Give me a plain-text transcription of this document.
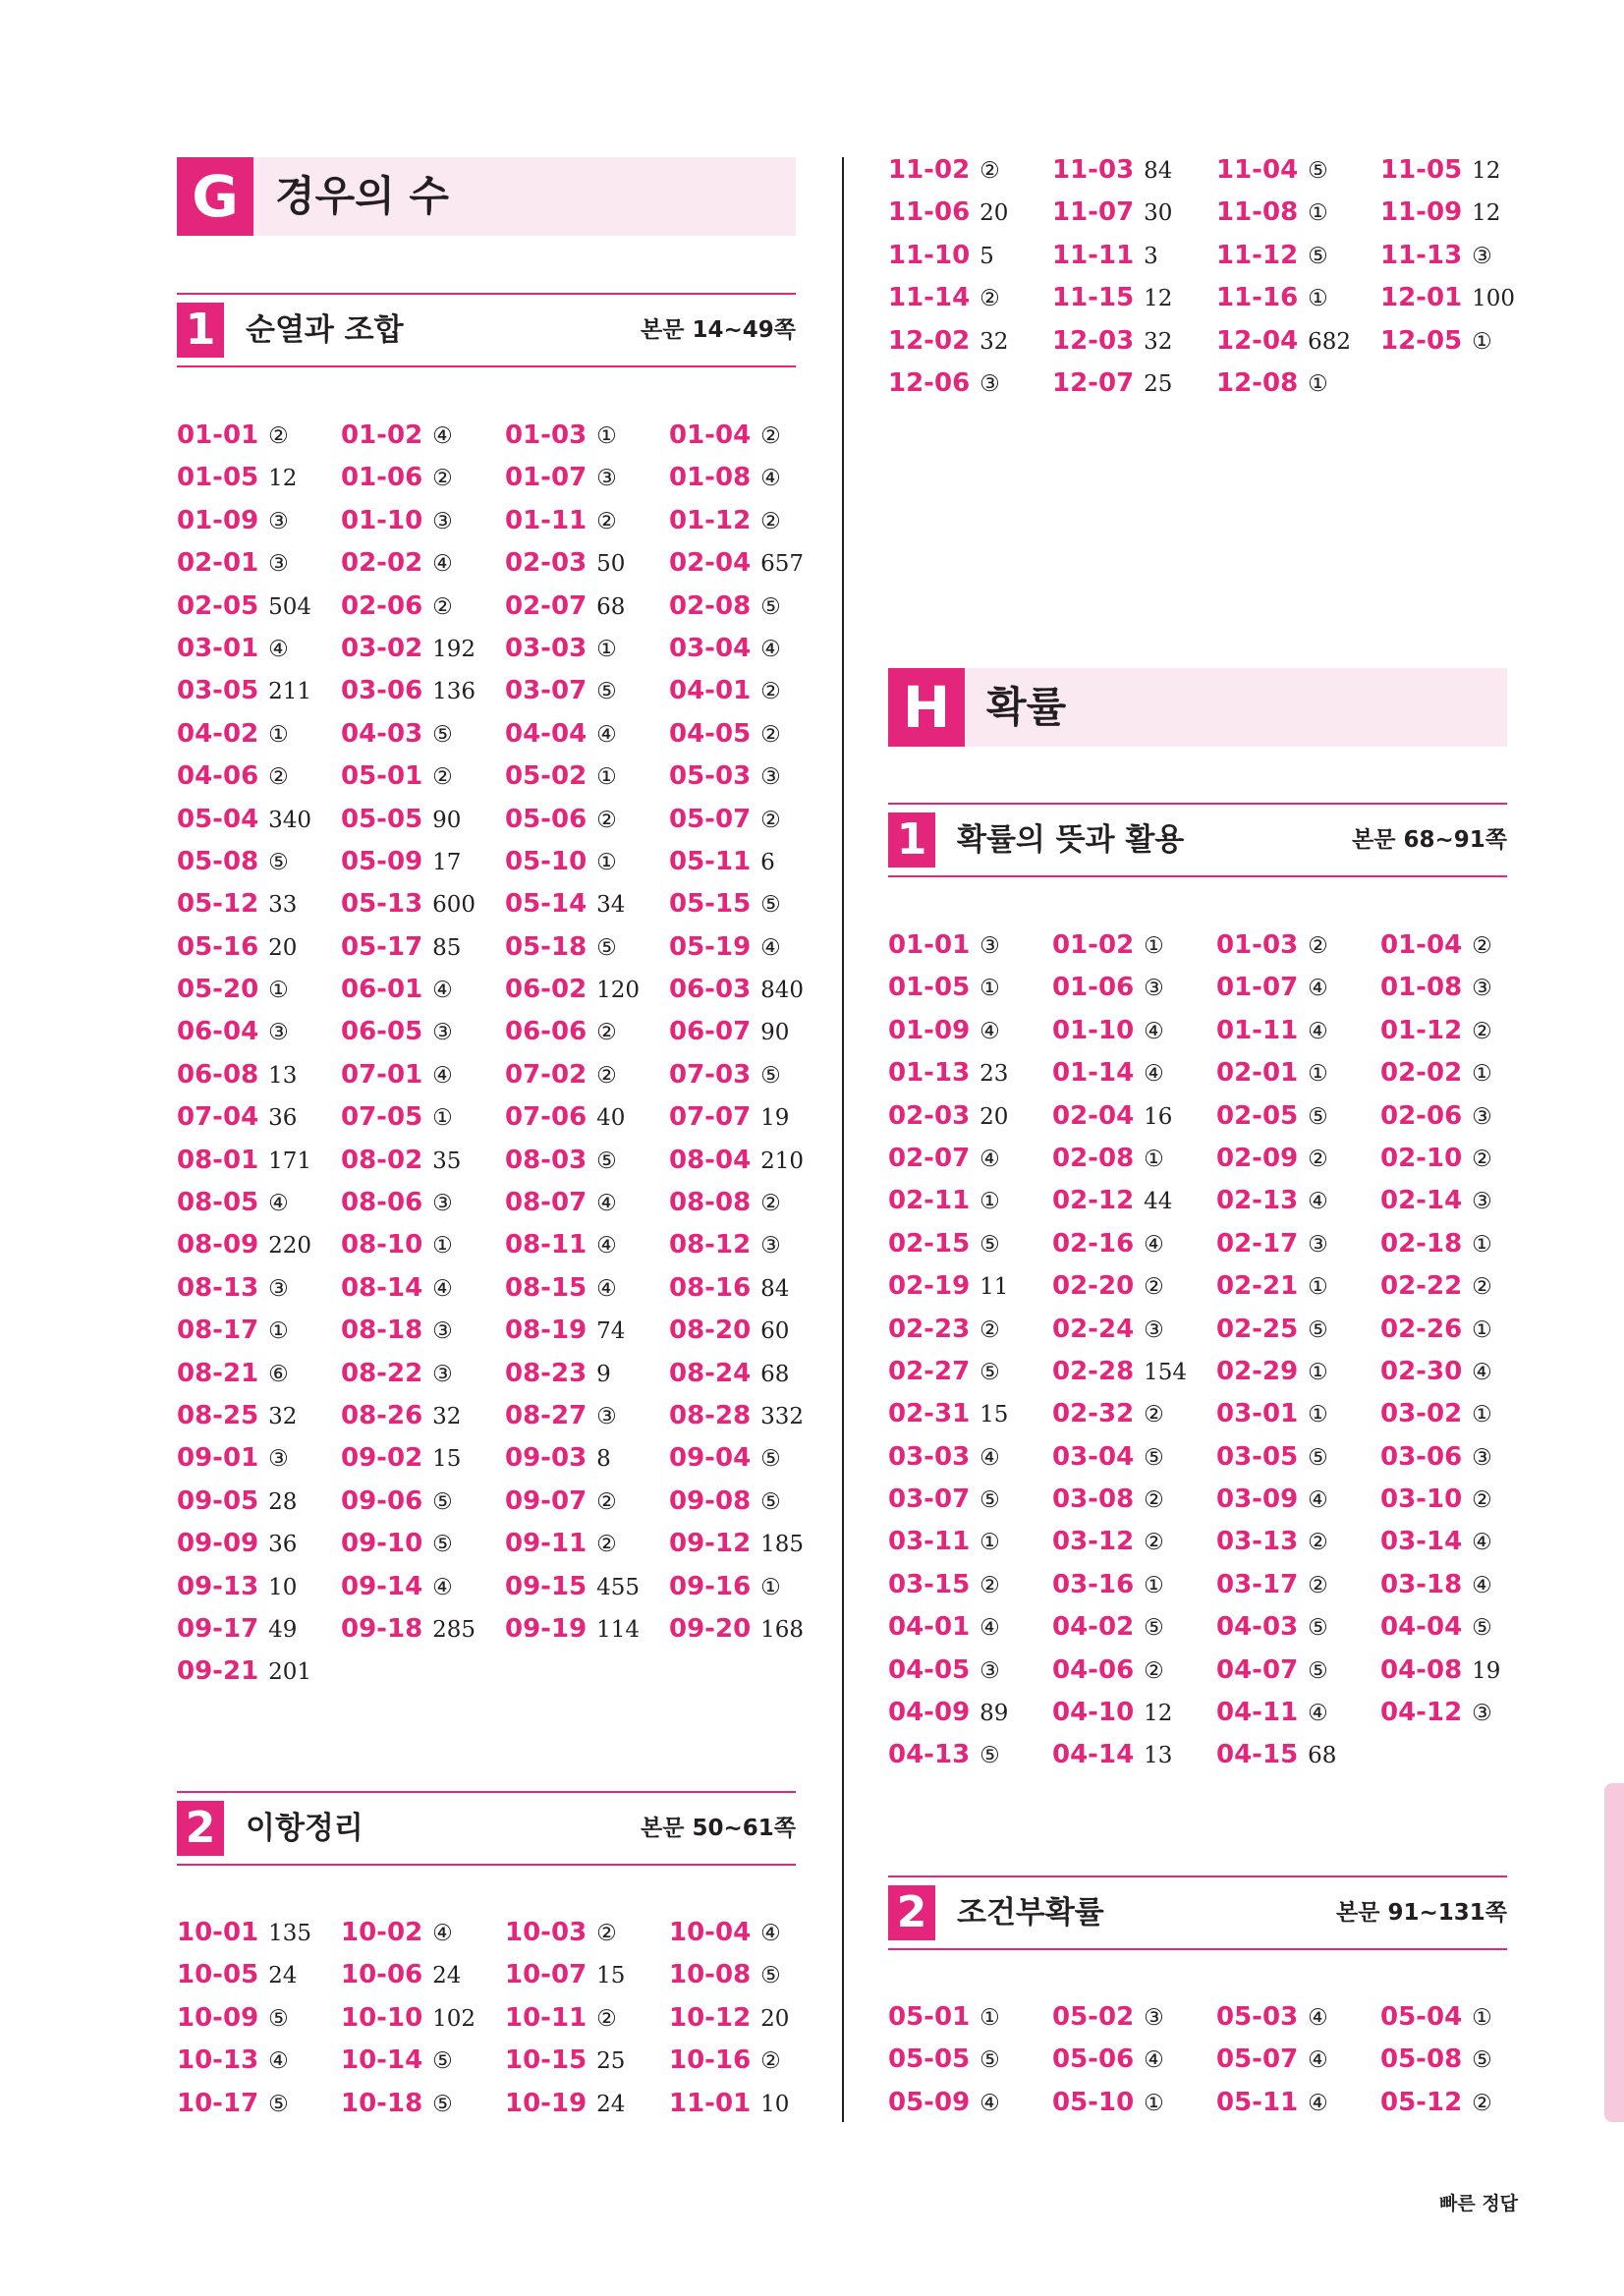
G 경우의 수
1 순열과 조합	본문 14~49쪽
01-01 ②	01-02 ④	01-03 ①	01-04 ②
01-05 12	01-06 ②	01-07 ③	01-08 ④
01-09 ③	01-10 ③	01-11 ②	01-12 ②
02-01 ③	02-02 ④	02-03 50	02-04 657
02-05 504	02-06 ②	02-07 68	02-08 ⑤
03-01 ④	03-02 192	03-03 ①	03-04 ④
03-05 211	03-06 136	03-07 ⑤	04-01 ②
04-02 ①	04-03 ⑤	04-04 ④	04-05 ②
04-06 ②	05-01 ②	05-02 ①	05-03 ③
05-04 340	05-05 90	05-06 ②	05-07 ②
05-08 ⑤	05-09 17	05-10 ①	05-11 6
05-12 33	05-13 600	05-14 34	05-15 ⑤
05-16 20	05-17 85	05-18 ⑤	05-19 ④
05-20 ①	06-01 ④	06-02 120	06-03 840
06-04 ③	06-05 ③	06-06 ②	06-07 90
06-08 13	07-01 ④	07-02 ②	07-03 ⑤
07-04 36	07-05 ①	07-06 40	07-07 19
08-01 171	08-02 35	08-03 ⑤	08-04 210
08-05 ④	08-06 ③	08-07 ④	08-08 ②
08-09 220	08-10 ①	08-11 ④	08-12 ③
08-13 ③	08-14 ④	08-15 ④	08-16 84
08-17 ①	08-18 ③	08-19 74	08-20 60
08-21 ⑥	08-22 ③	08-23 9	08-24 68
08-25 32	08-26 32	08-27 ③	08-28 332
09-01 ③	09-02 15	09-03 8	09-04 ⑤
09-05 28	09-06 ⑤	09-07 ②	09-08 ⑤
09-09 36	09-10 ⑤	09-11 ②	09-12 185
09-13 10	09-14 ④	09-15 455	09-16 ①
09-17 49	09-18 285	09-19 114	09-20 168
09-21 201
2 이항정리	본문 50~61쪽
10-01 135	10-02 ④	10-03 ②	10-04 ④
10-05 24	10-06 24	10-07 15	10-08 ⑤
10-09 ⑤	10-10 102	10-11 ②	10-12 20
10-13 ④	10-14 ⑤	10-15 25	10-16 ②
10-17 ⑤	10-18 ⑤	10-19 24	11-01 10
11-02 ②	11-03 84	11-04 ⑤	11-05 12
11-06 20	11-07 30	11-08 ①	11-09 12
11-10 5	11-11 3	11-12 ⑤	11-13 ③
11-14 ②	11-15 12	11-16 ①	12-01 100
12-02 32	12-03 32	12-04 682	12-05 ①
12-06 ③	12-07 25	12-08 ①
H 확률
1 확률의 뜻과 활용	본문 68~91쪽
01-01 ③	01-02 ①	01-03 ②	01-04 ②
01-05 ①	01-06 ③	01-07 ④	01-08 ③
01-09 ④	01-10 ④	01-11 ④	01-12 ②
01-13 23	01-14 ④	02-01 ①	02-02 ①
02-03 20	02-04 16	02-05 ⑤	02-06 ③
02-07 ④	02-08 ①	02-09 ②	02-10 ②
02-11 ①	02-12 44	02-13 ④	02-14 ③
02-15 ⑤	02-16 ④	02-17 ③	02-18 ①
02-19 11	02-20 ②	02-21 ①	02-22 ②
02-23 ②	02-24 ③	02-25 ⑤	02-26 ①
02-27 ⑤	02-28 154	02-29 ①	02-30 ④
02-31 15	02-32 ②	03-01 ①	03-02 ①
03-03 ④	03-04 ⑤	03-05 ⑤	03-06 ③
03-07 ⑤	03-08 ②	03-09 ④	03-10 ②
03-11 ①	03-12 ②	03-13 ②	03-14 ④
03-15 ②	03-16 ①	03-17 ②	03-18 ④
04-01 ④	04-02 ⑤	04-03 ⑤	04-04 ⑤
04-05 ③	04-06 ②	04-07 ⑤	04-08 19
04-09 89	04-10 12	04-11 ④	04-12 ③
04-13 ⑤	04-14 13	04-15 68
2 조건부확률	본문 91~131쪽
05-01 ①	05-02 ③	05-03 ④	05-04 ①
05-05 ⑤	05-06 ④	05-07 ④	05-08 ⑤
05-09 ④	05-10 ①	05-11 ④	05-12 ②
빠른 정답
